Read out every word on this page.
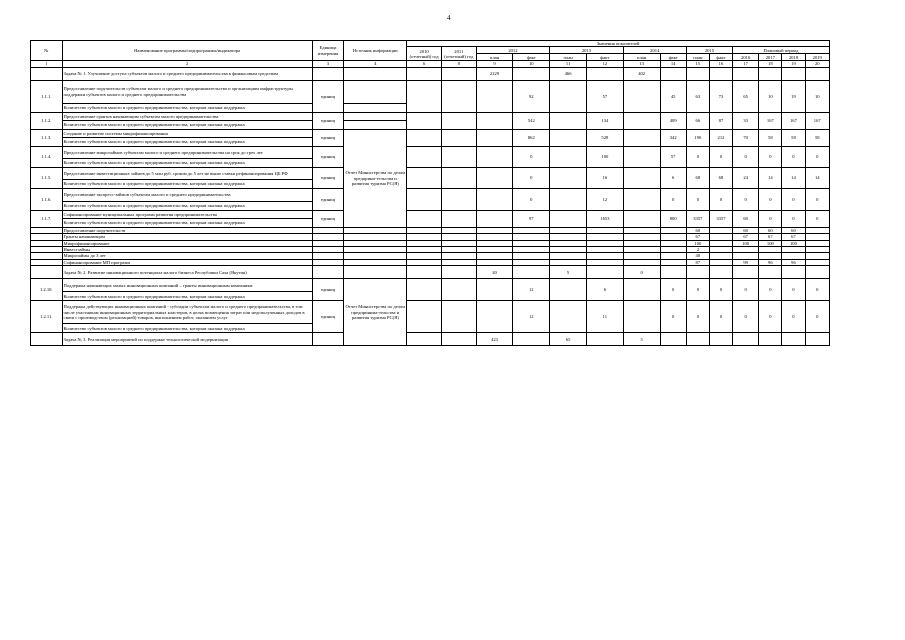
4
№	Наименование программы/подпрограммы/индикатора	Единица измерения	Источник информации	Значения показателей													
				2010 (отчетный) год	2011 (отчетный) год	2012		2013		2014		2015		Плановый период			
						план	факт	план	факт	план	факт	план	факт	2016	2017	2018	2019
1	2	3	4	6	8	9	10	11	12	13	14	15	16	17	18	19	20
	Задача № 1. Улучшение доступа субъектов малого и среднего предпринимательства к финансовым средствам					2229		466		402							
1.1.1.	Предоставление поручительств субъектам малого и среднего предпринимательства и организациям инфраструктуры поддержки субъектов малого и среднего предпринимательства	единиц					92		57		45	63	73	65	10	19	10
	Количество субъектов малого и среднего предпринимательства, которым оказана поддержка																
1.1.2.	Предоставление грантов начинающим субъектам малого предпринимательства	единиц					542		134		409	66	87	33	167	167	167
	Количество субъектов малого и среднего предпринимательства, которым оказана поддержка																
1.1.3.	Создание и развитие системы микрофинансирования	единиц	Отчет Министерства по делам предприни-тельства и развития туризма РС(Я)				862		528		342	190	212	70	58	58	58
	Количество субъектов малого и среднего предпринимательства, которым оказана поддержка																
1.1.4.	Предоставление микрозаймов субъектам малого и среднего предпринимательства на срок до трех лет	единиц					0		100		57	0	0	0	0	0	0
	Количество субъектов малого и среднего предпринимательства, которым оказана поддержка																
1.1.5.	Предоставление инвестиционных займов до 5 млн руб. сроком до 5 лет не выше ставки рефинансирования ЦБ РФ	единиц					0		16		6	68	68	24	14	14	14
	Количество субъектов малого и среднего предпринимательства, которым оказана поддержка																
1.1.6.	Предоставление экспресс-займов субъектам малого и среднего предпринимательства	единиц					0		12		0	0	0	0	0	0	0
	Количество субъектов малого и среднего предпринимательства, которым оказана поддержка																
1.1.7.	Софинансирование муниципальных программ развития предпринимательства	единиц					97		1653		800	3357	3357	60	0	0	0
	Количество субъектов малого и среднего предпринимательства, которым оказана поддержка																
	Предоставление поручительств											60		60	60	60	
	Гранты начинающим											67		67	67	67	
	Микрофинансирование											100		100	100	100	
	Инвестзаймы											2					
	Микрозаймы до 3 лет											40					
	Софинансирование МП программ											87		99	96	96	
	Задача № 2. Развитие инновационного потенциала малого бизнеса Республики Саха (Якутия)					20		5		0							
1.2.10.	Поддержка начинающих малых инновационных компаний – гранты инновационным компаниям	единиц	Отчет Министерства по делам предпринима-тельства и развития туризма РС(Я)				12		6		0	0	0	0	0	0	0
	Количество субъектов малого и среднего предпринимательства, которым оказана поддержка																
1.2.11.	Поддержка действующих инновационных компаний - субсидии субъектам малого и среднего предпринимательства, в том числе участникам инновационных территориальных кластеров, в целях возмещения затрат или недополученных доходов в связи с производством (реализацией) товаров, выполнением работ, оказанием услуг	единиц					12		11		0	0	0	0	0	0	0
	Количество субъектов малого и среднего предпринимательства, которым оказана поддержка																
	Задача № 3. Реализация мероприятий по поддержке технологической модернизации					423		65		5							
